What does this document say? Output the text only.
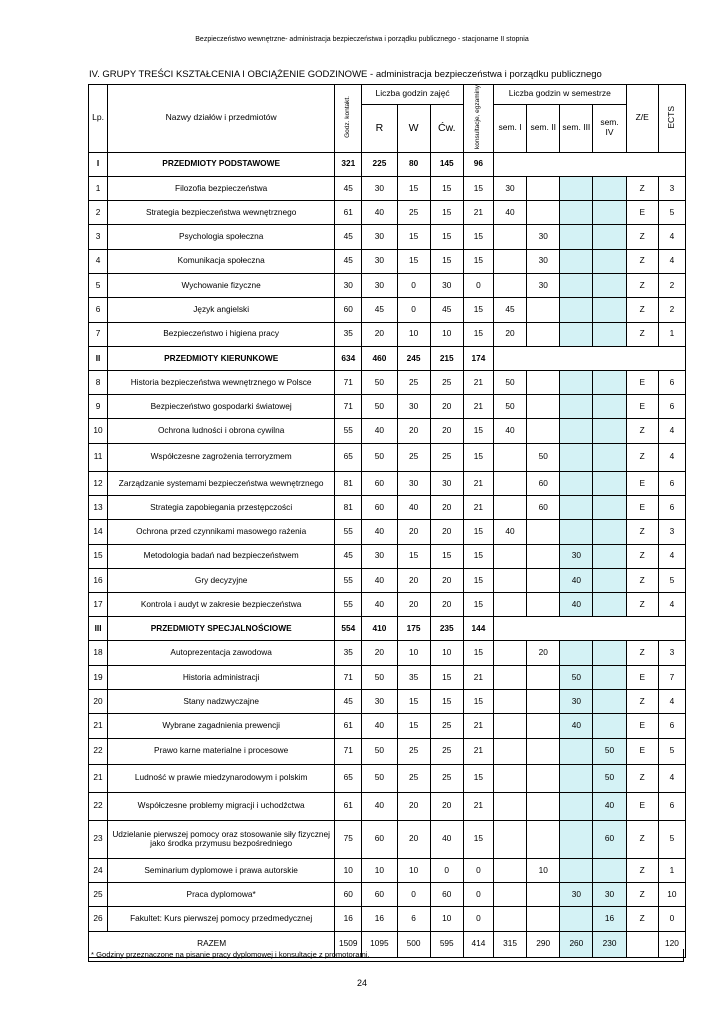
Bezpieczeństwo wewnętrzne- administracja bezpieczeństwa i porządku publicznego - stacjonarne II stopnia
IV. GRUPY TREŚCI KSZTAŁCENIA I OBCIĄŻENIE GODZINOWE - administracja bezpieczeństwa i porządku publicznego
Lp.	Nazwy działów i przedmiotów	Godz. kontakt.	Liczba godzin zajęć			konsultacje, egzaminy	Liczba godzin w semestrze				Z/E	ECTS
			R	W	Ćw.		sem. I	sem. II	sem. III	sem. IV		
I	PRZEDMIOTY PODSTAWOWE	321	225	80	145	96						
1	Filozofia bezpieczeństwa	45	30	15	15	15	30				Z	3
2	Strategia bezpieczeństwa wewnętrznego	61	40	25	15	21	40				E	5
3	Psychologia społeczna	45	30	15	15	15		30			Z	4
4	Komunikacja społeczna	45	30	15	15	15		30			Z	4
5	Wychowanie fizyczne	30	30	0	30	0		30			Z	2
6	Język angielski	60	45	0	45	15	45				Z	2
7	Bezpieczeństwo i higiena pracy	35	20	10	10	15	20				Z	1
II	PRZEDMIOTY KIERUNKOWE	634	460	245	215	174						
8	Historia bezpieczeństwa wewnętrznego w Polsce	71	50	25	25	21	50				E	6
9	Bezpieczeństwo gospodarki światowej	71	50	30	20	21	50				E	6
10	Ochrona ludności i obrona cywilna	55	40	20	20	15	40				Z	4
11	Współczesne zagrożenia terroryzmem	65	50	25	25	15		50			Z	4
12	Zarządzanie systemami bezpieczeństwa wewnętrznego	81	60	30	30	21		60			E	6
13	Strategia zapobiegania przestępczości	81	60	40	20	21		60			E	6
14	Ochrona przed czynnikami masowego rażenia	55	40	20	20	15	40				Z	3
15	Metodologia badań nad bezpieczeństwem	45	30	15	15	15			30		Z	4
16	Gry decyzyjne	55	40	20	20	15			40		Z	5
17	Kontrola i audyt w zakresie bezpieczeństwa	55	40	20	20	15			40		Z	4
III	PRZEDMIOTY SPECJALNOŚCIOWE	554	410	175	235	144						
18	Autoprezentacja zawodowa	35	20	10	10	15		20			Z	3
19	Historia administracji	71	50	35	15	21			50		E	7
20	Stany nadzwyczajne	45	30	15	15	15			30		Z	4
21	Wybrane zagadnienia prewencji	61	40	15	25	21			40		E	6
22	Prawo karne materialne i procesowe	71	50	25	25	21				50	E	5
21	Ludność w prawie miedzynarodowym i polskim	65	50	25	25	15				50	Z	4
22	Współczesne problemy migracji i uchodźctwa	61	40	20	20	21				40	E	6
23	Udzielanie pierwszej pomocy oraz stosowanie siły fizycznej jako środka przymusu bezpośredniego	75	60	20	40	15				60	Z	5
24	Seminarium dyplomowe i prawa autorskie	10	10	10	0	0		10			Z	1
25	Praca dyplomowa*	60	60	0	60	0			30	30	Z	10
26	Fakultet: Kurs pierwszej pomocy przedmedycznej	16	16	6	10	0				16	Z	0
RAZEM		1509	1095	500	595	414	315	290	260	230		120
* Godziny przeznaczone na pisanie pracy dyplomowej i konsultacje z promotorami.
24
